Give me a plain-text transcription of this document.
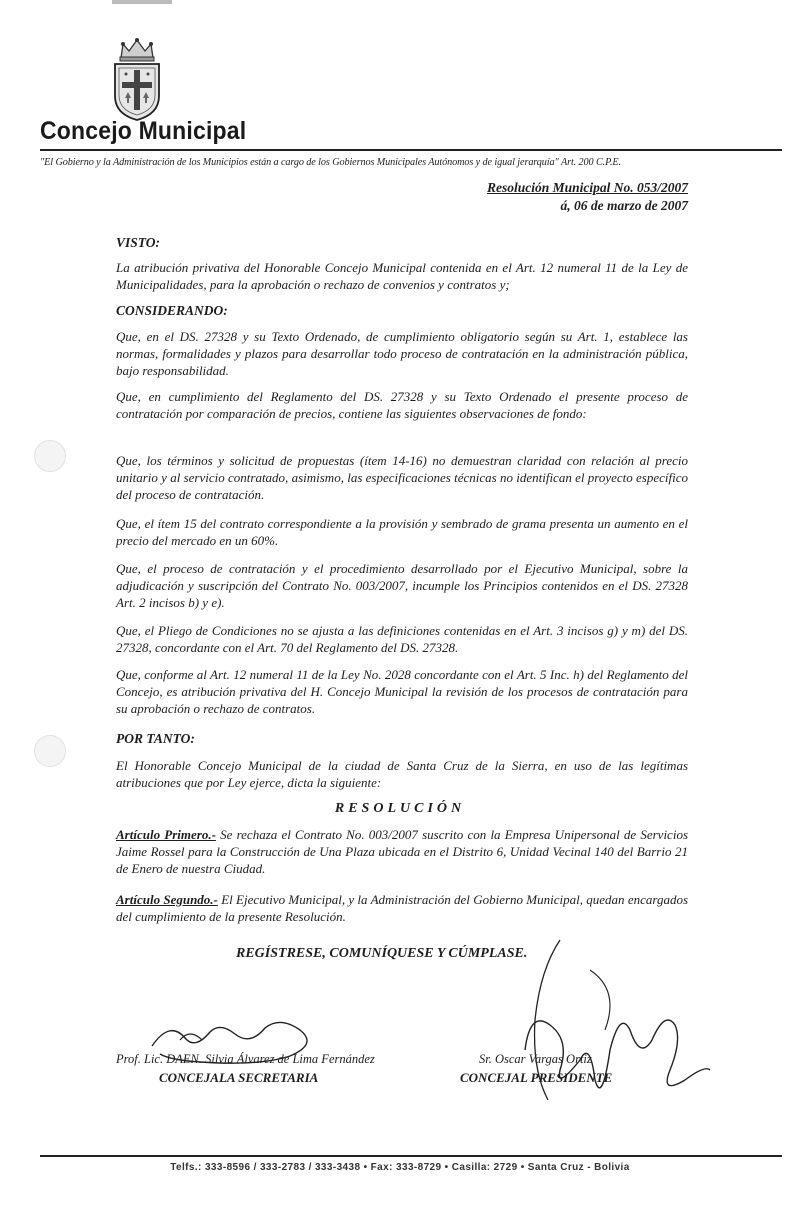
Concejo Municipal
"El Gobierno y la Administración de los Municipios están a cargo de los Gobiernos Municipales Autónomos y de igual jerarquía" Art. 200 C.P.E.
Resolución Municipal No. 053/2007
á, 06 de marzo de 2007
VISTO:
La atribución privativa del Honorable Concejo Municipal contenida en el Art. 12 numeral 11 de la Ley de Municipalidades, para la aprobación o rechazo de convenios y contratos y;
CONSIDERANDO:
Que, en el DS. 27328 y su Texto Ordenado, de cumplimiento obligatorio según su Art. 1, establece las normas, formalidades y plazos para desarrollar todo proceso de contratación en la administración pública, bajo responsabilidad.
Que, en cumplimiento del Reglamento del DS. 27328 y su Texto Ordenado el presente proceso de contratación por comparación de precios, contiene las siguientes observaciones de fondo:
Que, los términos y solicitud de propuestas (ítem 14-16) no demuestran claridad con relación al precio unitario y al servicio contratado, asimismo, las especificaciones técnicas no identifican el proyecto específico del proceso de contratación.
Que, el ítem 15 del contrato correspondiente a la provisión y sembrado de grama presenta un aumento en el precio del mercado en un 60%.
Que, el proceso de contratación y el procedimiento desarrollado por el Ejecutivo Municipal, sobre la adjudicación y suscripción del Contrato No. 003/2007, incumple los Principios contenidos en el DS. 27328 Art. 2 incisos b) y e).
Que, el Pliego de Condiciones no se ajusta a las definiciones contenidas en el Art. 3 incisos g) y m) del DS. 27328, concordante con el Art. 70 del Reglamento del DS. 27328.
Que, conforme al Art. 12 numeral 11 de la Ley No. 2028 concordante con el Art. 5 Inc. h) del Reglamento del Concejo, es atribución privativa del H. Concejo Municipal la revisión de los procesos de contratación para su aprobación o rechazo de contratos.
POR TANTO:
El Honorable Concejo Municipal de la ciudad de Santa Cruz de la Sierra, en uso de las legítimas atribuciones que por Ley ejerce, dicta la siguiente:
RESOLUCIÓN
Artículo Primero.- Se rechaza el Contrato No. 003/2007 suscrito con la Empresa Unipersonal de Servicios Jaime Rossel para la Construcción de Una Plaza ubicada en el Distrito 6, Unidad Vecinal 140 del Barrio 21 de Enero de nuestra Ciudad.
Artículo Segundo.- El Ejecutivo Municipal, y la Administración del Gobierno Municipal, quedan encargados del cumplimiento de la presente Resolución.
REGÍSTRESE, COMUNÍQUESE Y CÚMPLASE.
Prof. Lic. DAEN. Silvia Álvarez de Lima Fernández
CONCEJALA SECRETARIA
Sr. Oscar Vargas Ortiz
CONCEJAL PRESIDENTE
Telfs.: 333-8596 / 333-2783 / 333-3438 • Fax: 333-8729 • Casilla: 2729 • Santa Cruz - Bolivia
